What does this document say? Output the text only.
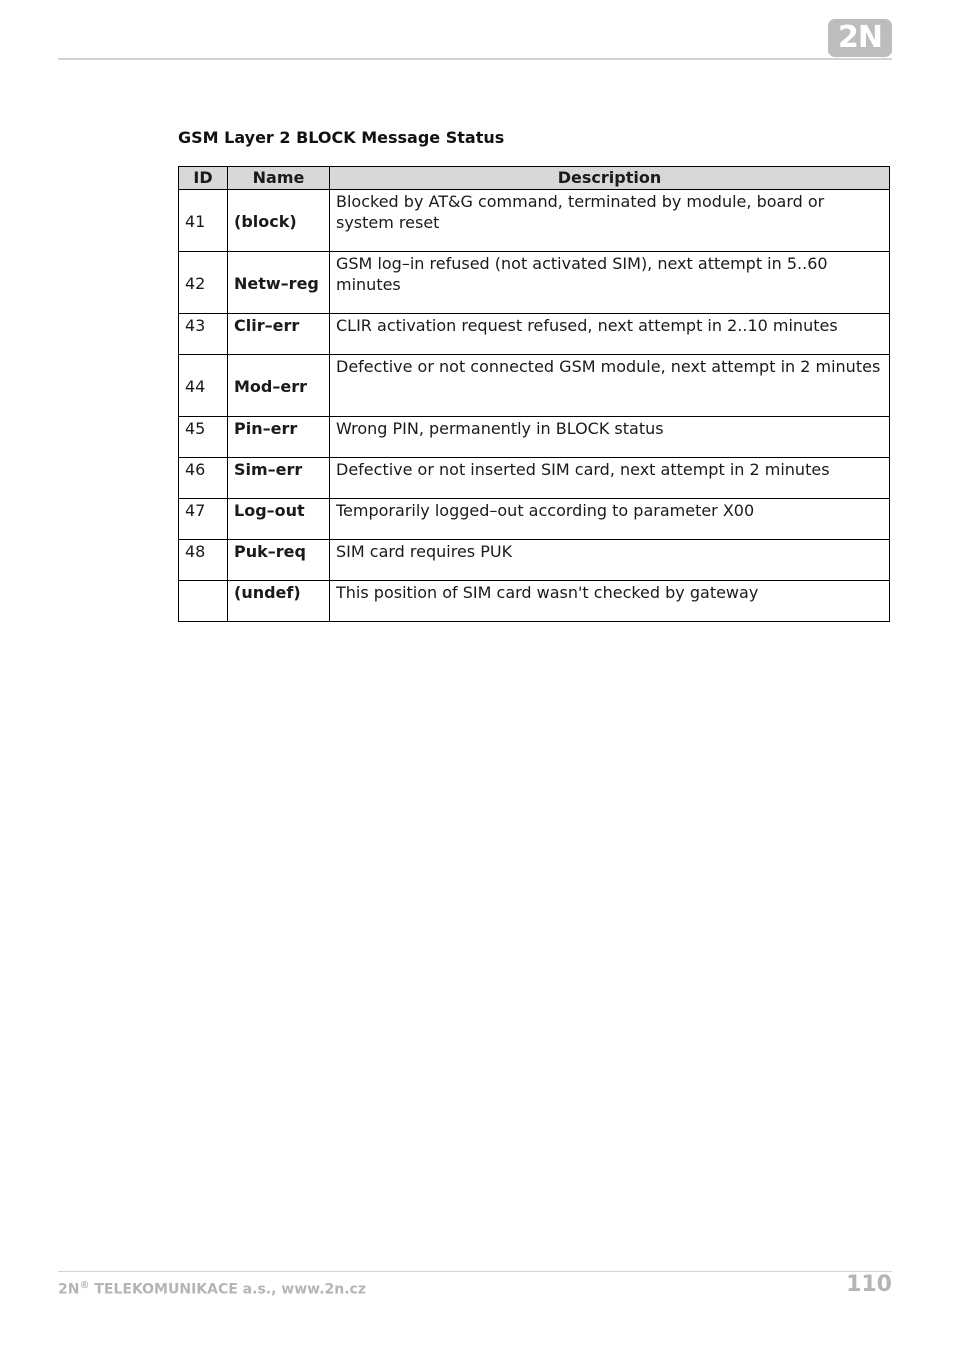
2N
GSM Layer 2 BLOCK Message Status
ID	Name	Description
41	(block)	Blocked by AT&G command, terminated by module, board or system reset
42	Netw–reg	GSM log–in refused (not activated SIM), next attempt in 5..60 minutes
43	Clir–err	CLIR activation request refused, next attempt in 2..10 minutes
44	Mod–err	Defective or not connected GSM module, next attempt in 2 minutes
45	Pin–err	Wrong PIN, permanently in BLOCK status
46	Sim–err	Defective or not inserted SIM card, next attempt in 2 minutes
47	Log–out	Temporarily logged–out according to parameter X00
48	Puk–req	SIM card requires PUK
	(undef)	This position of SIM card wasn't checked by gateway
2N® TELEKOMUNIKACE a.s., www.2n.cz	110
